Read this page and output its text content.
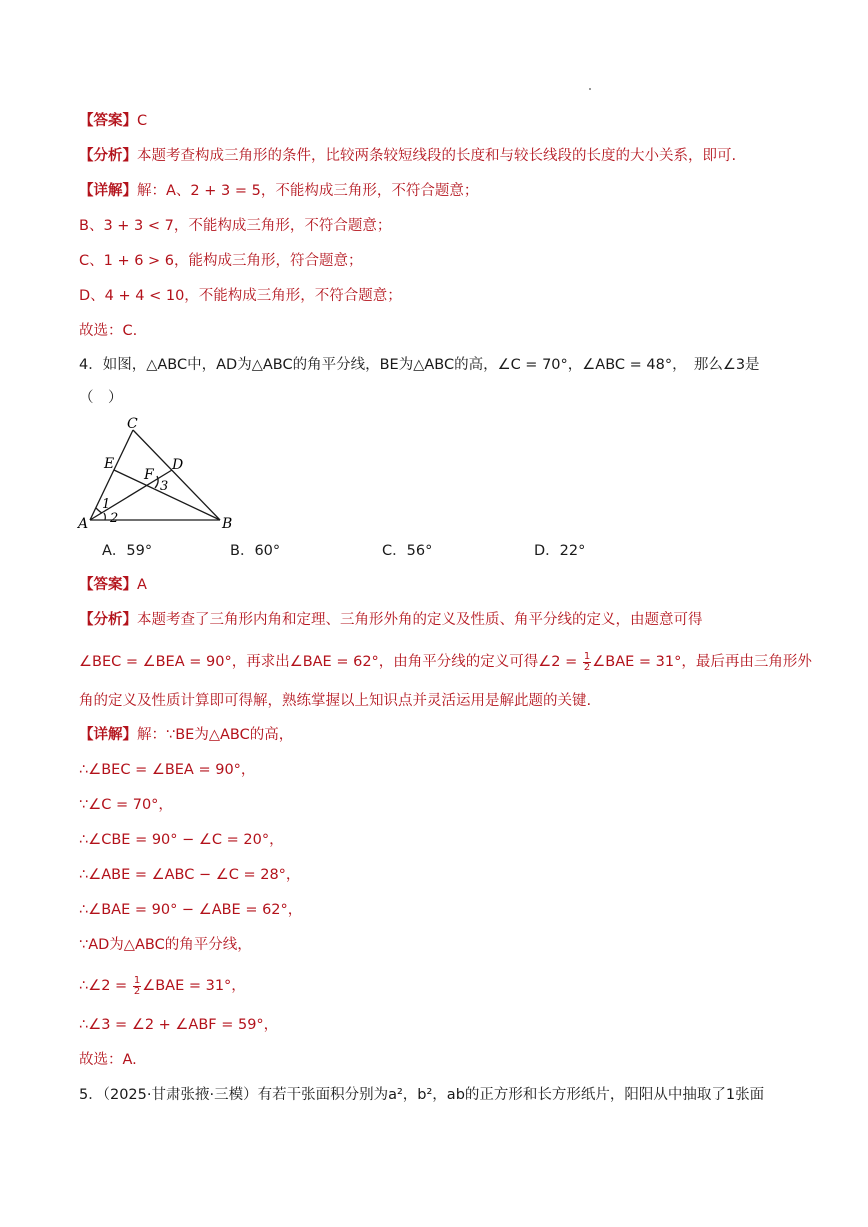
【答案】C
【分析】本题考查构成三角形的条件，比较两条较短线段的长度和与较长线段的长度的大小关系，即可.
【详解】解：A、2 + 3 = 5，不能构成三角形，不符合题意；
B、3 + 3 < 7，不能构成三角形，不符合题意；
C、1 + 6 > 6，能构成三角形，符合题意；
D、4 + 4 < 10，不能构成三角形，不符合题意；
故选：C.
4．如图，△ABC中，AD为△ABC的角平分线，BE为△ABC的高，∠C = 70°，∠ABC = 48°，　那么∠3是
（　）
C
E
F
D
3
1
2
A	B
A．59°	B．60°	C．56°	D．22°
【答案】A
【分析】本题考查了三角形内角和定理、三角形外角的定义及性质、角平分线的定义，由题意可得
∠BEC = ∠BEA = 90°，再求出∠BAE = 62°，由角平分线的定义可得∠2 = $\frac{1}{2}$ ∠BAE = 31°，最后再由三角形外
角的定义及性质计算即可得解，熟练掌握以上知识点并灵活运用是解此题的关键.
【详解】解：∵BE为△ABC的高，
∴∠BEC = ∠BEA = 90°，
∵∠C = 70°，
∴∠CBE = 90° − ∠C = 20°，
∴∠ABE = ∠ABC − ∠C = 28°，
∴∠BAE = 90° − ∠ABE = 62°，
∵AD为△ABC的角平分线，
∴∠2 = $\frac{1}{2}$ ∠BAE = 31°，
∴∠3 = ∠2 + ∠ABF = 59°，
故选：A.
5．（2025·甘肃张掖·三模）有若干张面积分别为a²，b²，ab的正方形和长方形纸片，阳阳从中抽取了1张面
